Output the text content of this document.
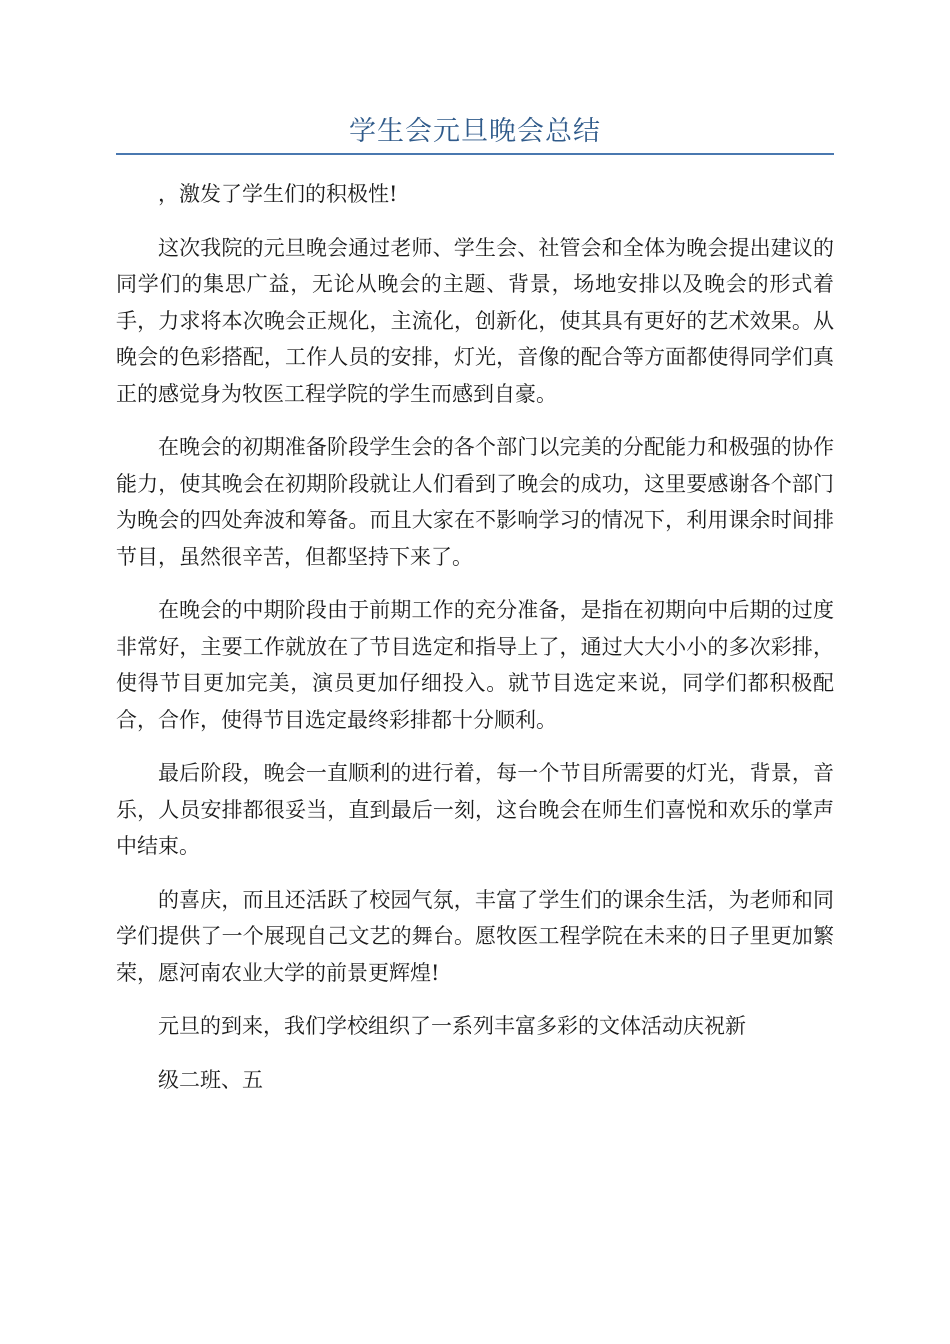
学生会元旦晚会总结

，激发了学生们的积极性!

这次我院的元旦晚会通过老师、学生会、社管会和全体为晚会提出建议的同学们的集思广益，无论从晚会的主题、背景，场地安排以及晚会的形式着手，力求将本次晚会正规化，主流化，创新化，使其具有更好的艺术效果。从晚会的色彩搭配，工作人员的安排，灯光，音像的配合等方面都使得同学们真正的感觉身为牧医工程学院的学生而感到自豪。

在晚会的初期准备阶段学生会的各个部门以完美的分配能力和极强的协作能力，使其晚会在初期阶段就让人们看到了晚会的成功，这里要感谢各个部门为晚会的四处奔波和筹备。而且大家在不影响学习的情况下，利用课余时间排节目，虽然很辛苦，但都坚持下来了。

在晚会的中期阶段由于前期工作的充分准备，是指在初期向中后期的过度非常好，主要工作就放在了节目选定和指导上了，通过大大小小的多次彩排，使得节目更加完美，演员更加仔细投入。就节目选定来说，同学们都积极配合，合作，使得节目选定最终彩排都十分顺利。

最后阶段，晚会一直顺利的进行着，每一个节目所需要的灯光，背景，音乐，人员安排都很妥当，直到最后一刻，这台晚会在师生们喜悦和欢乐的掌声中结束。

的喜庆，而且还活跃了校园气氛，丰富了学生们的课余生活，为老师和同学们提供了一个展现自己文艺的舞台。愿牧医工程学院在未来的日子里更加繁荣，愿河南农业大学的前景更辉煌!

元旦的到来，我们学校组织了一系列丰富多彩的文体活动庆祝新

级二班、五
